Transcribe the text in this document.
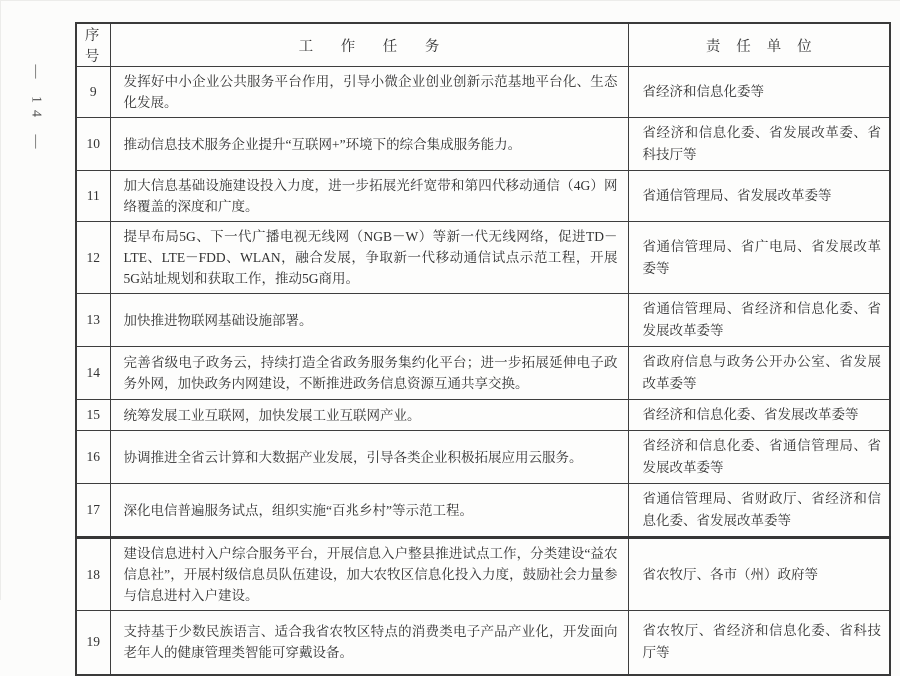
— 14 —
序号	工作任务	责任单位
9	发挥好中小企业公共服务平台作用，引导小微企业创业创新示范基地平台化、生态化发展。	省经济和信息化委等
10	推动信息技术服务企业提升“互联网+”环境下的综合集成服务能力。	省经济和信息化委、省发展改革委、省科技厅等
11	加大信息基础设施建设投入力度，进一步拓展光纤宽带和第四代移动通信（4G）网络覆盖的深度和广度。	省通信管理局、省发展改革委等
12	提早布局5G、下一代广播电视无线网（NGB－W）等新一代无线网络，促进TD－LTE、LTE－FDD、WLAN，融合发展，争取新一代移动通信试点示范工程，开展5G站址规划和获取工作，推动5G商用。	省通信管理局、省广电局、省发展改革委等
13	加快推进物联网基础设施部署。	省通信管理局、省经济和信息化委、省发展改革委等
14	完善省级电子政务云，持续打造全省政务服务集约化平台；进一步拓展延伸电子政务外网，加快政务内网建设，不断推进政务信息资源互通共享交换。	省政府信息与政务公开办公室、省发展改革委等
15	统筹发展工业互联网，加快发展工业互联网产业。	省经济和信息化委、省发展改革委等
16	协调推进全省云计算和大数据产业发展，引导各类企业积极拓展应用云服务。	省经济和信息化委、省通信管理局、省发展改革委等
17	深化电信普遍服务试点，组织实施“百兆乡村”等示范工程。	省通信管理局、省财政厅、省经济和信息化委、省发展改革委等
18	建设信息进村入户综合服务平台，开展信息入户整县推进试点工作，分类建设“益农信息社”，开展村级信息员队伍建设，加大农牧区信息化投入力度，鼓励社会力量参与信息进村入户建设。	省农牧厅、各市（州）政府等
19	支持基于少数民族语言、适合我省农牧区特点的消费类电子产品产业化，开发面向老年人的健康管理类智能可穿戴设备。	省农牧厅、省经济和信息化委、省科技厅等
